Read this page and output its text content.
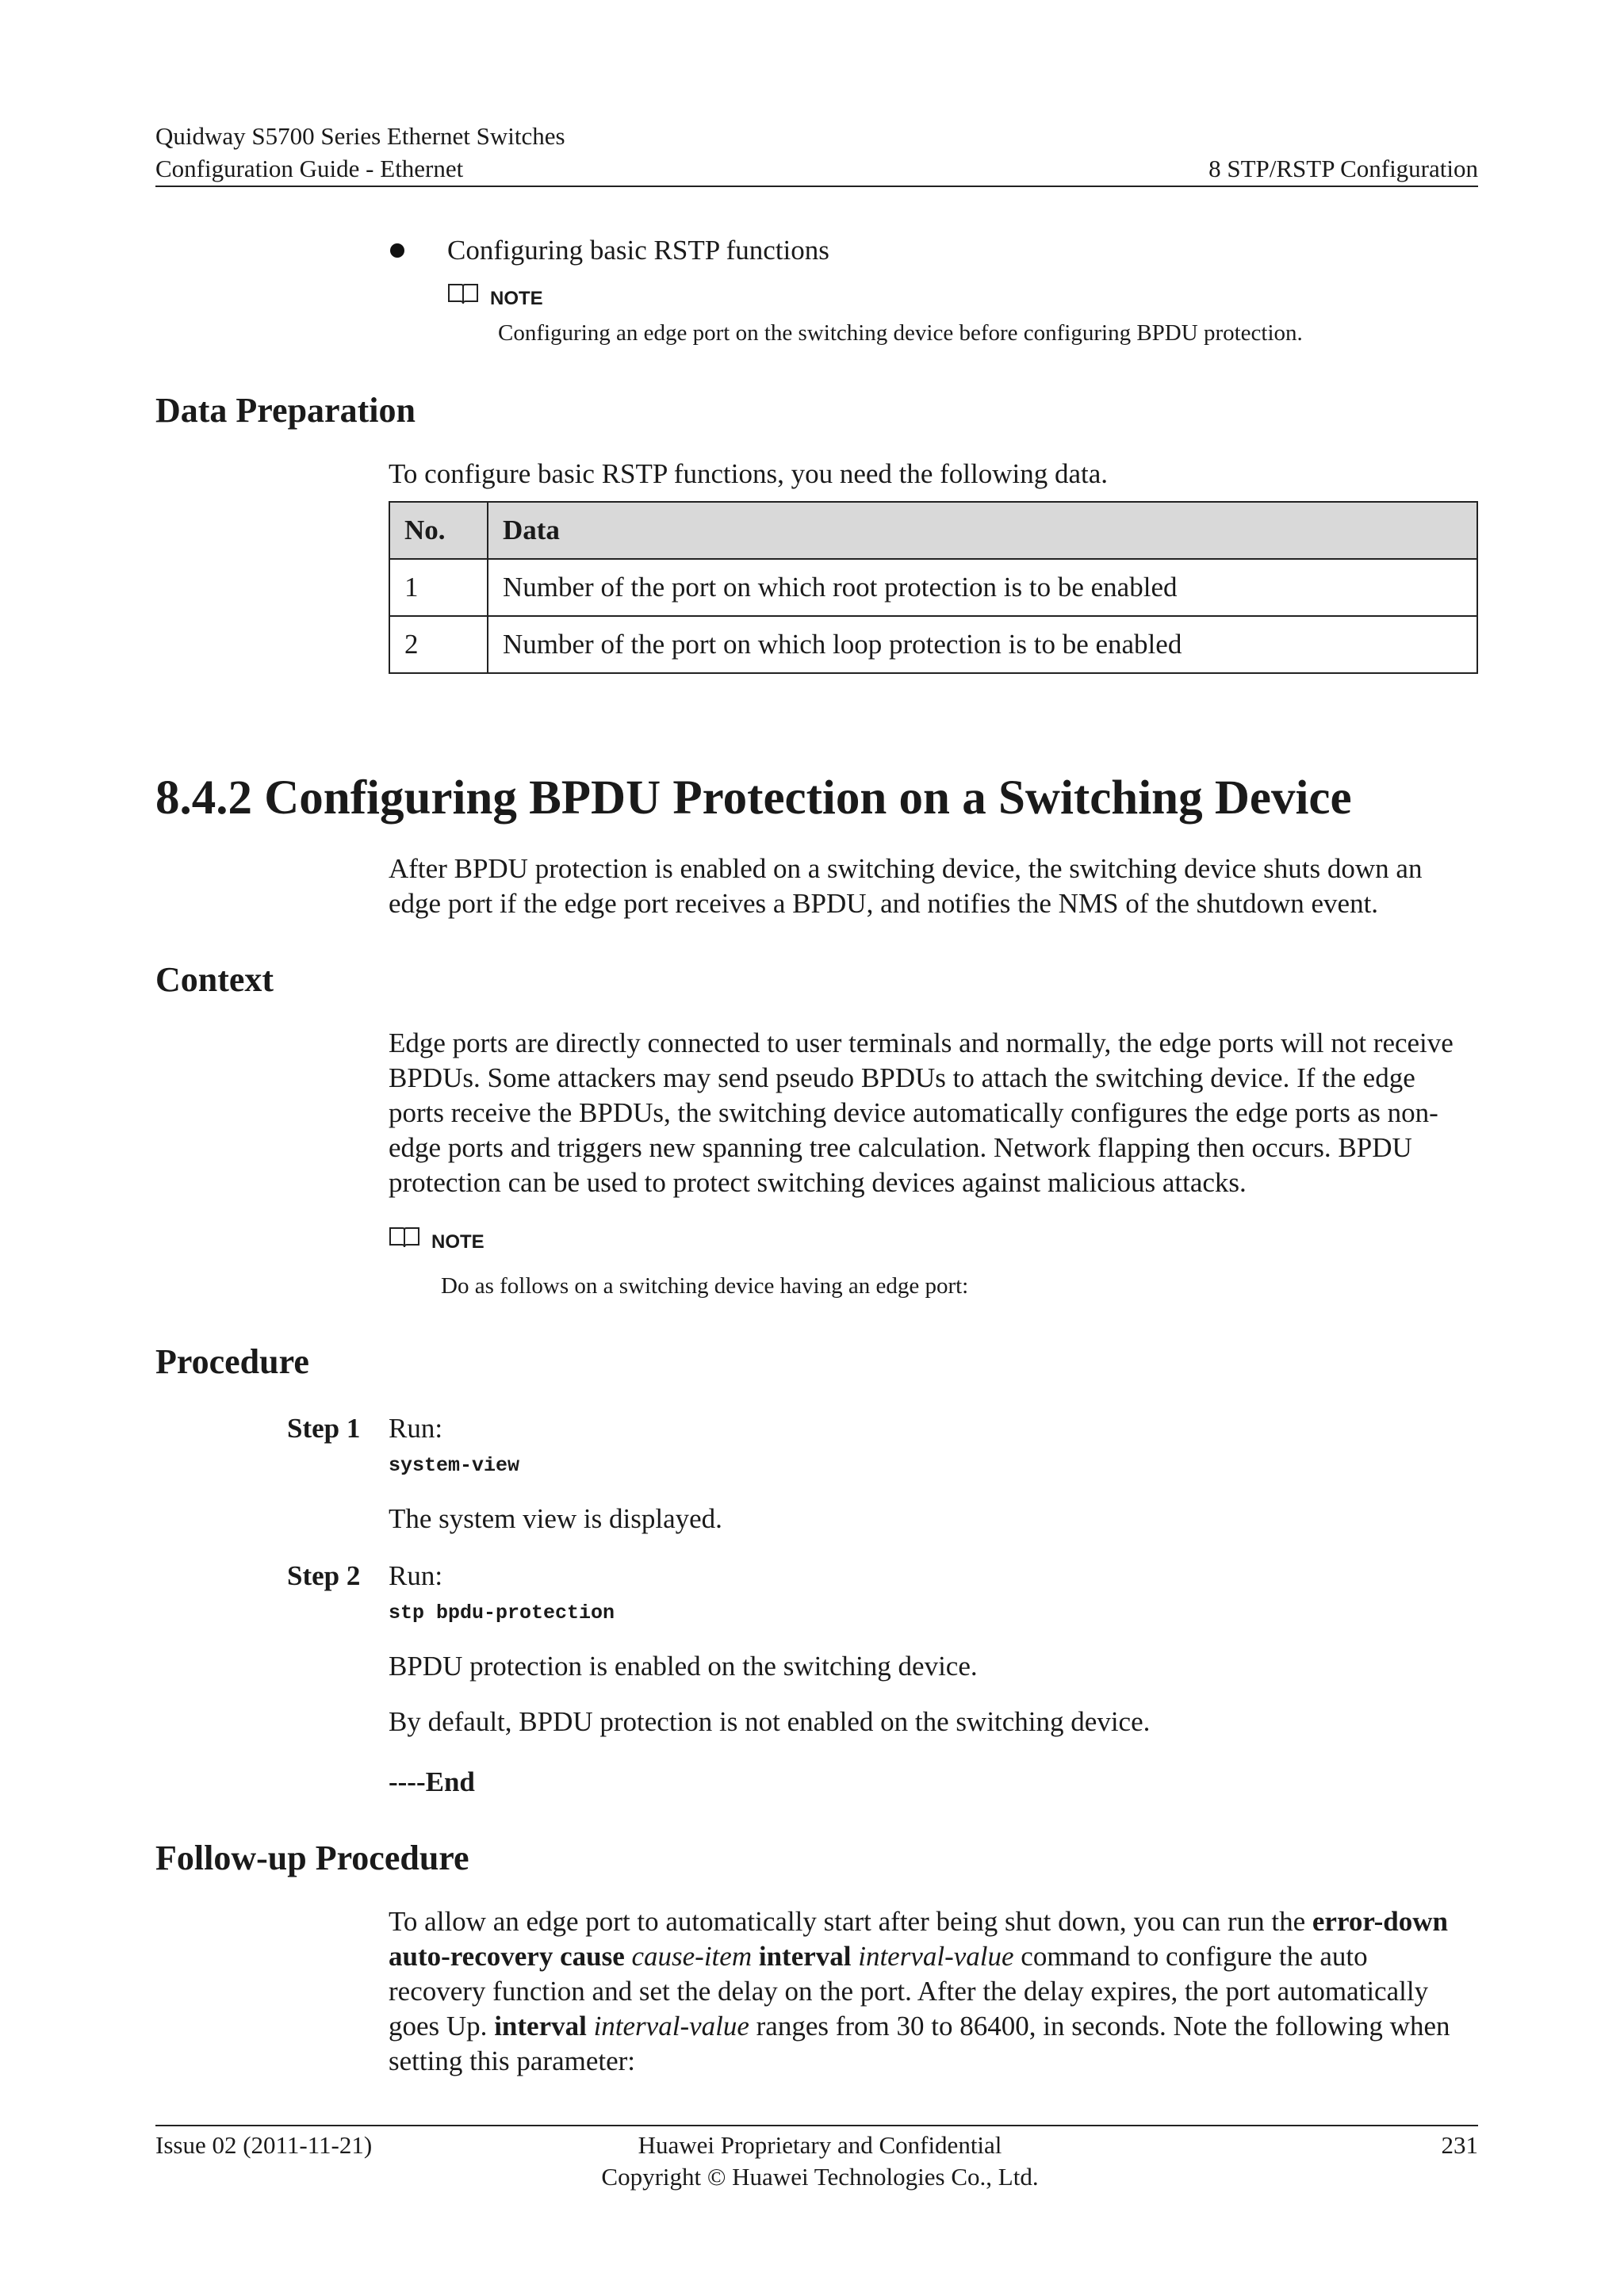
Quidway S5700 Series Ethernet Switches
Configuration Guide - Ethernet	8 STP/RSTP Configuration
Configuring basic RSTP functions
NOTE
Configuring an edge port on the switching device before configuring BPDU protection.
Data Preparation
To configure basic RSTP functions, you need the following data.
No.	Data
1	Number of the port on which root protection is to be enabled
2	Number of the port on which loop protection is to be enabled
8.4.2 Configuring BPDU Protection on a Switching Device
After BPDU protection is enabled on a switching device, the switching device shuts down an
edge port if the edge port receives a BPDU, and notifies the NMS of the shutdown event.
Context
Edge ports are directly connected to user terminals and normally, the edge ports will not receive
BPDUs. Some attackers may send pseudo BPDUs to attach the switching device. If the edge
ports receive the BPDUs, the switching device automatically configures the edge ports as non-
edge ports and triggers new spanning tree calculation. Network flapping then occurs. BPDU
protection can be used to protect switching devices against malicious attacks.
NOTE
Do as follows on a switching device having an edge port:
Procedure
Step 1 Run:
system-view
The system view is displayed.
Step 2 Run:
stp bpdu-protection
BPDU protection is enabled on the switching device.
By default, BPDU protection is not enabled on the switching device.
----End
Follow-up Procedure
To allow an edge port to automatically start after being shut down, you can run the error-down
auto-recovery cause cause-item interval interval-value command to configure the auto
recovery function and set the delay on the port. After the delay expires, the port automatically
goes Up. interval interval-value ranges from 30 to 86400, in seconds. Note the following when
setting this parameter:
Issue 02 (2011-11-21)	Huawei Proprietary and Confidential
Copyright © Huawei Technologies Co., Ltd.
231
